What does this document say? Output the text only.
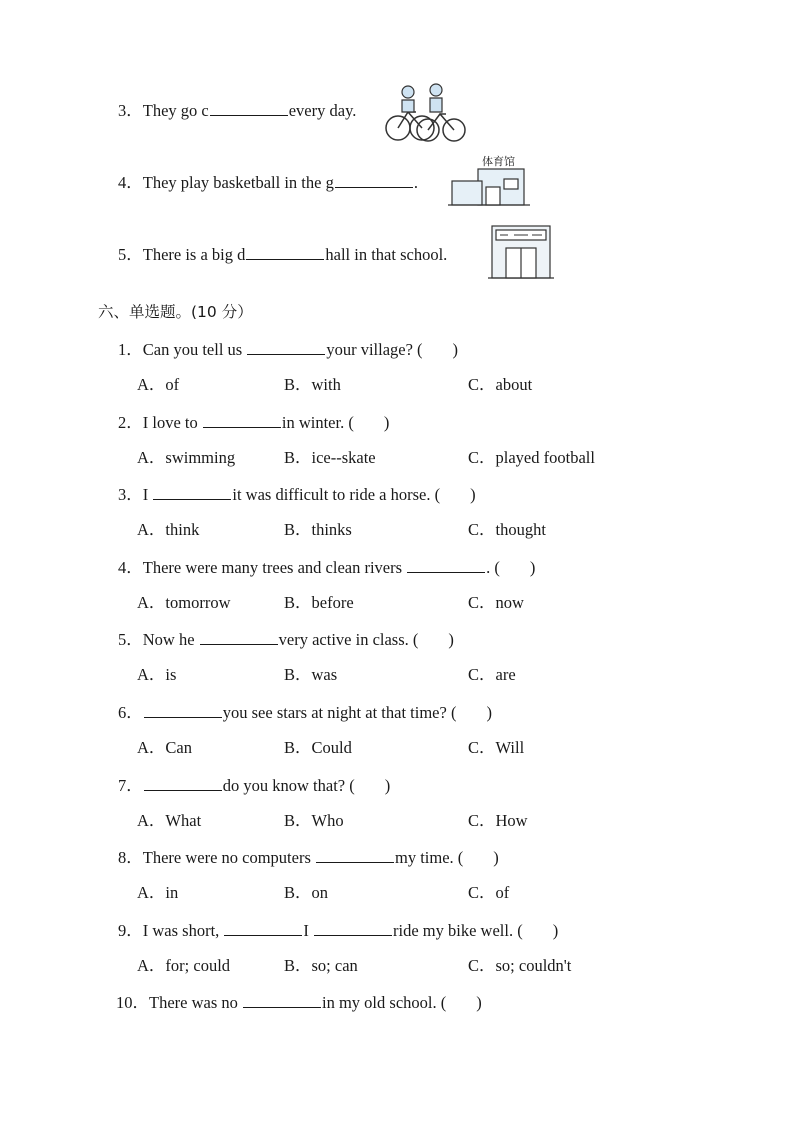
3．They go c	every day.
4．They play basketball in the g	.
体育馆
5．There is a big d	hall in that school.
六、单选题。(10 分）
1．Can you tell us	your village? ( )
A．of	B．with	C．about
2．I love to	in winter. ( )
A．swimming	B．ice--skate	C．played football
3．I	it was difficult to ride a horse. ( )
A．think	B．thinks	C．thought
4．There were many trees and clean rivers	. ( )
A．tomorrow	B．before	C．now
5．Now he	very active in class. ( )
A．is	B．was	C．are
6．	you see stars at night at that time? ( )
A．Can	B．Could	C．Will
7．	do you know that? ( )
A．What	B．Who	C．How
8．There were no computers	my time. ( )
A．in	B．on	C．of
9．I was short,	I	ride my bike well. ( )
A．for; could	B．so; can	C．so; couldn't
10．There was no	in my old school. ( )
